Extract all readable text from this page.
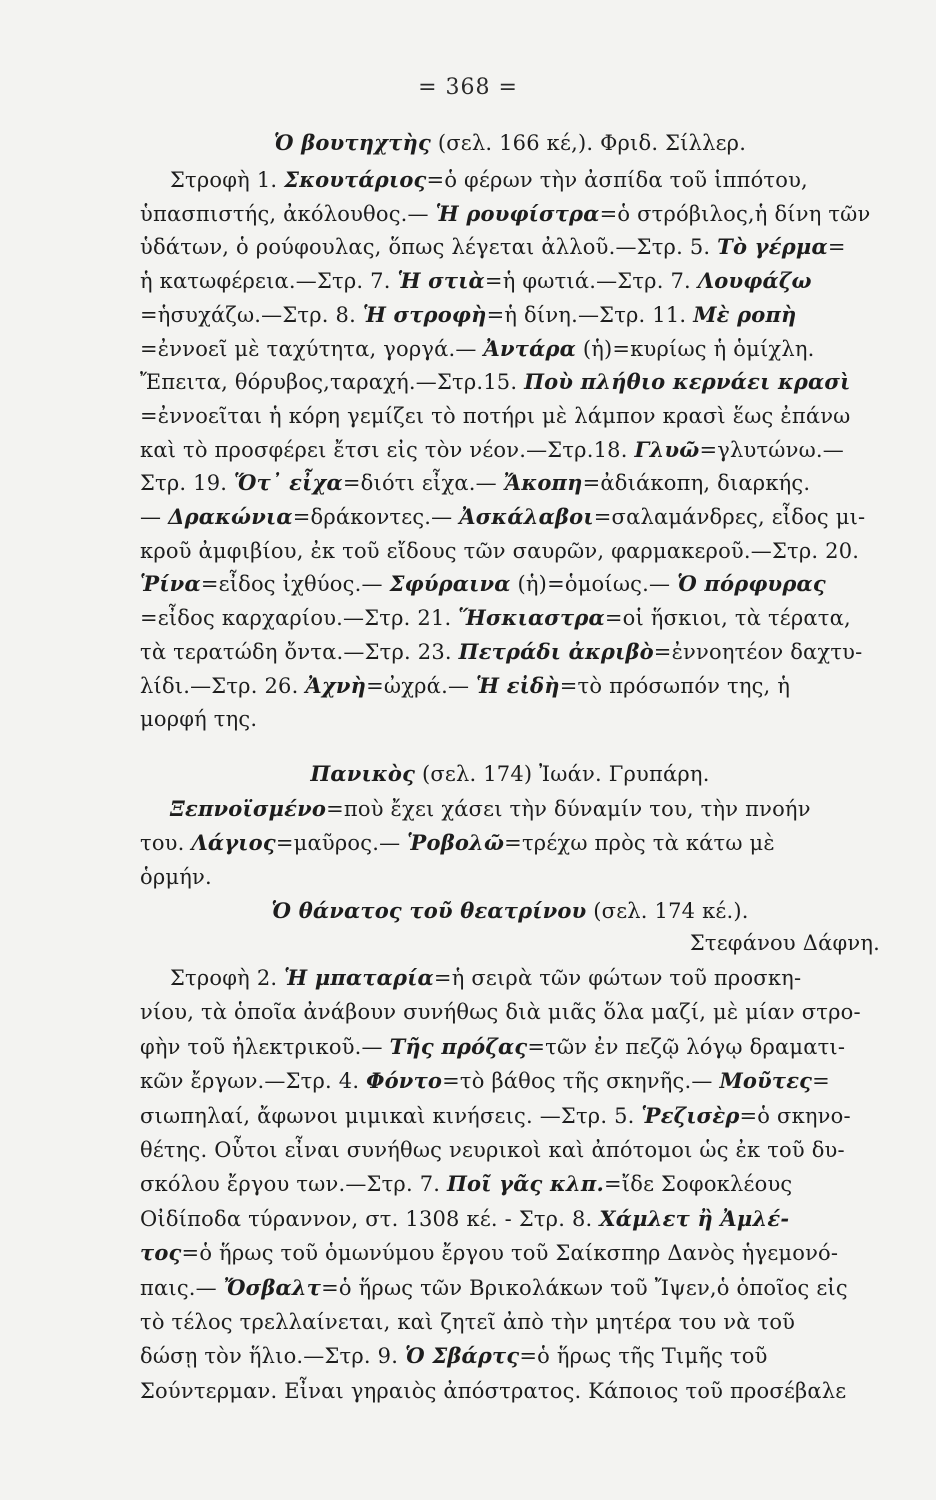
= 368 =
Ὁ βουτηχτὴς (σελ. 166 κέ,). Φριδ. Σίλλερ.
Στροφὴ 1. Σκουτάριος=ὁ φέρων τὴν ἀσπίδα τοῦ ἱππότου,
ὑπασπιστής, ἀκόλουθος.— Ἡ ρουφίστρα=ὁ στρόβιλος,ἡ δίνη τῶν
ὑδάτων, ὁ ρούφουλας, ὅπως λέγεται ἀλλοῦ.—Στρ. 5. Τὸ γέρμα=
ἡ κατωφέρεια.—Στρ. 7. Ἡ στιὰ=ἡ φωτιά.—Στρ. 7. Λουφάζω
=ἡσυχάζω.—Στρ. 8. Ἡ στροφὴ=ἡ δίνη.—Στρ. 11. Μὲ ροπὴ
=ἐννοεῖ μὲ ταχύτητα, γοργά.— Ἀντάρα (ἡ)=κυρίως ἡ ὁμίχλη.
Ἔπειτα, θόρυβος,ταραχή.—Στρ.15. Ποὺ πλήθιο κερνάει κρασὶ
=ἐννοεῖται ἡ κόρη γεμίζει τὸ ποτήρι μὲ λάμπον κρασὶ ἕως ἐπάνω
καὶ τὸ προσφέρει ἔτσι εἰς τὸν νέον.—Στρ.18. Γλυῶ=γλυτώνω.—
Στρ. 19. Ὅτ᾽ εἶχα=διότι εἶχα.— Ἄκοπη=ἀδιάκοπη, διαρκής.
— Δρακώνια=δράκοντες.— Ἀσκάλαβοι=σαλαμάνδρες, εἶδος μι-
κροῦ ἀμφιβίου, ἐκ τοῦ εἴδους τῶν σαυρῶν, φαρμακεροῦ.—Στρ. 20.
Ῥίνα=εἶδος ἰχθύος.— Σφύραινα (ἡ)=ὁμοίως.— Ὁ πόρφυρας
=εἶδος καρχαρίου.—Στρ. 21. Ἥσκιαστρα=οἱ ἥσκιοι, τὰ τέρατα,
τὰ τερατώδη ὄντα.—Στρ. 23. Πετράδι ἀκριβὸ=ἐννοητέον δαχτυ-
λίδι.—Στρ. 26. Ἀχνὴ=ὠχρά.— Ἡ εἰδὴ=τὸ πρόσωπόν της, ἡ
μορφή της.
Πανικὸς (σελ. 174) Ἰωάν. Γρυπάρη.
Ξεπνοϊσμένο=ποὺ ἔχει χάσει τὴν δύναμίν του, τὴν πνοήν
του. Λάγιος=μαῦρος.— Ῥοβολῶ=τρέχω πρὸς τὰ κάτω μὲ
ὁρμήν.
Ὁ θάνατος τοῦ θεατρίνου (σελ. 174 κέ.).
Στεφάνου Δάφνη.
Στροφὴ 2. Ἡ μπαταρία=ἡ σειρὰ τῶν φώτων τοῦ προσκη-
νίου, τὰ ὁποῖα ἀνάβουν συνήθως διὰ μιᾶς ὅλα μαζί, μὲ μίαν στρο-
φὴν τοῦ ἠλεκτρικοῦ.— Τῆς πρόζας=τῶν ἐν πεζῷ λόγῳ δραματι-
κῶν ἔργων.—Στρ. 4. Φόντο=τὸ βάθος τῆς σκηνῆς.— Μοῦτες=
σιωπηλαί, ἄφωνοι μιμικαὶ κινήσεις. —Στρ. 5. Ῥεζισὲρ=ὁ σκηνο-
θέτης. Οὗτοι εἶναι συνήθως νευρικοὶ καὶ ἀπότομοι ὡς ἐκ τοῦ δυ-
σκόλου ἔργου των.—Στρ. 7. Ποῖ γᾶς κλπ.=ἴδε Σοφοκλέους
Οἰδίποδα τύραννον, στ. 1308 κέ. - Στρ. 8. Χάμλετ ἢ Ἀμλέ-
τος=ὁ ἥρως τοῦ ὁμωνύμου ἔργου τοῦ Σαίκσπηρ Δανὸς ἡγεμονό-
παις.— Ὄσβαλτ=ὁ ἥρως τῶν Βρικολάκων τοῦ Ἴψεν,ὁ ὁποῖος εἰς
τὸ τέλος τρελλαίνεται, καὶ ζητεῖ ἀπὸ τὴν μητέρα του νὰ τοῦ
δώσῃ τὸν ἥλιο.—Στρ. 9. Ὁ Σβάρτς=ὁ ἥρως τῆς Τιμῆς τοῦ
Σούντερμαν. Εἶναι γηραιὸς ἀπόστρατος. Κάποιος τοῦ προσέβαλε
